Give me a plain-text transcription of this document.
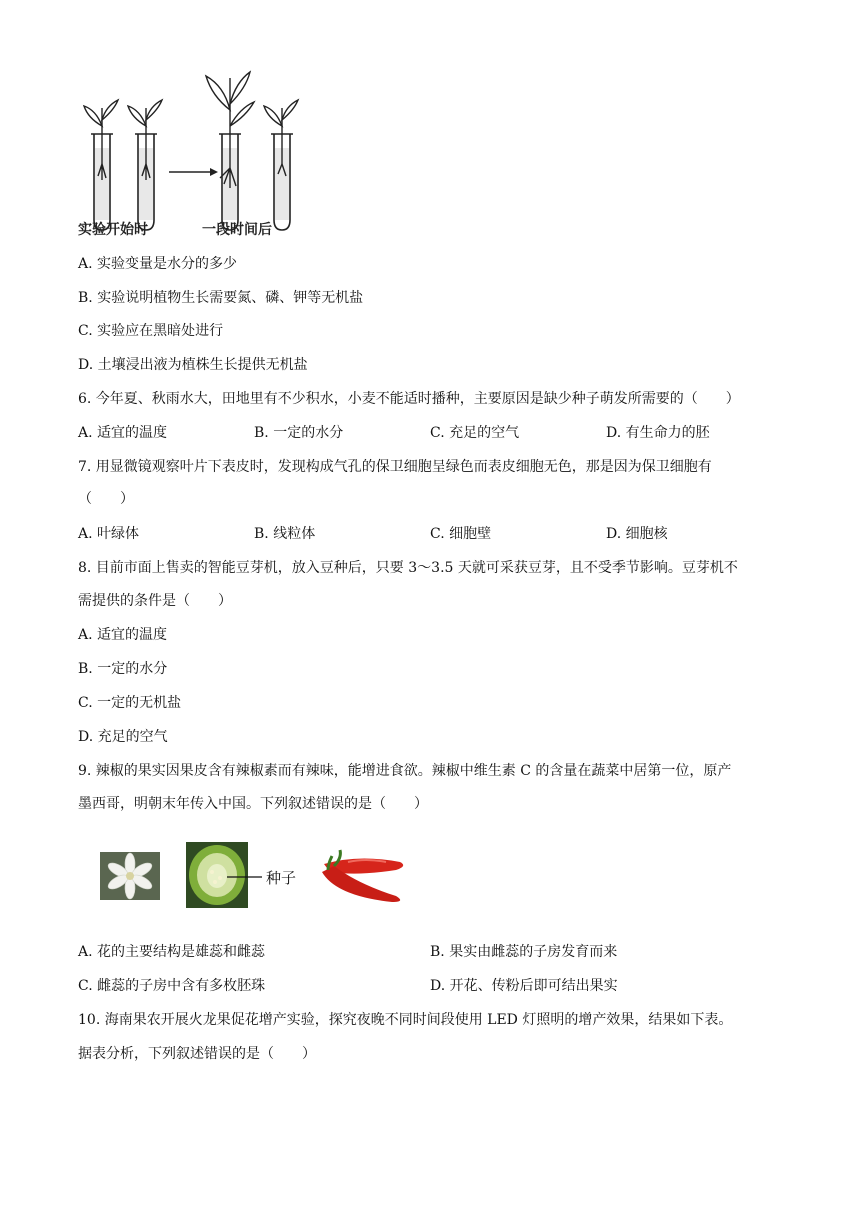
实验开始时	一段时间后
A. 实验变量是水分的多少
B. 实验说明植物生长需要氮、磷、钾等无机盐
C. 实验应在黑暗处进行
D. 土壤浸出液为植株生长提供无机盐
6. 今年夏、秋雨水大，田地里有不少积水，小麦不能适时播种，主要原因是缺少种子萌发所需要的（　　）
A. 适宜的温度	B. 一定的水分	C. 充足的空气	D. 有生命力的胚
7. 用显微镜观察叶片下表皮时，发现构成气孔的保卫细胞呈绿色而表皮细胞无色，那是因为保卫细胞有
（　　）
A. 叶绿体	B. 线粒体	C. 细胞壁	D. 细胞核
8. 目前市面上售卖的智能豆芽机，放入豆种后，只要 3～3.5 天就可采获豆芽，且不受季节影响。豆芽机不
需提供的条件是（　　）
A. 适宜的温度
B. 一定的水分
C. 一定的无机盐
D. 充足的空气
9. 辣椒的果实因果皮含有辣椒素而有辣味，能增进食欲。辣椒中维生素 C 的含量在蔬菜中居第一位，原产
墨西哥，明朝末年传入中国。下列叙述错误的是（　　）
种子
A. 花的主要结构是雄蕊和雌蕊	B. 果实由雌蕊的子房发育而来
C. 雌蕊的子房中含有多枚胚珠	D. 开花、传粉后即可结出果实
10. 海南果农开展火龙果促花增产实验，探究夜晚不同时间段使用 LED 灯照明的增产效果，结果如下表。
据表分析，下列叙述错误的是（　　）
